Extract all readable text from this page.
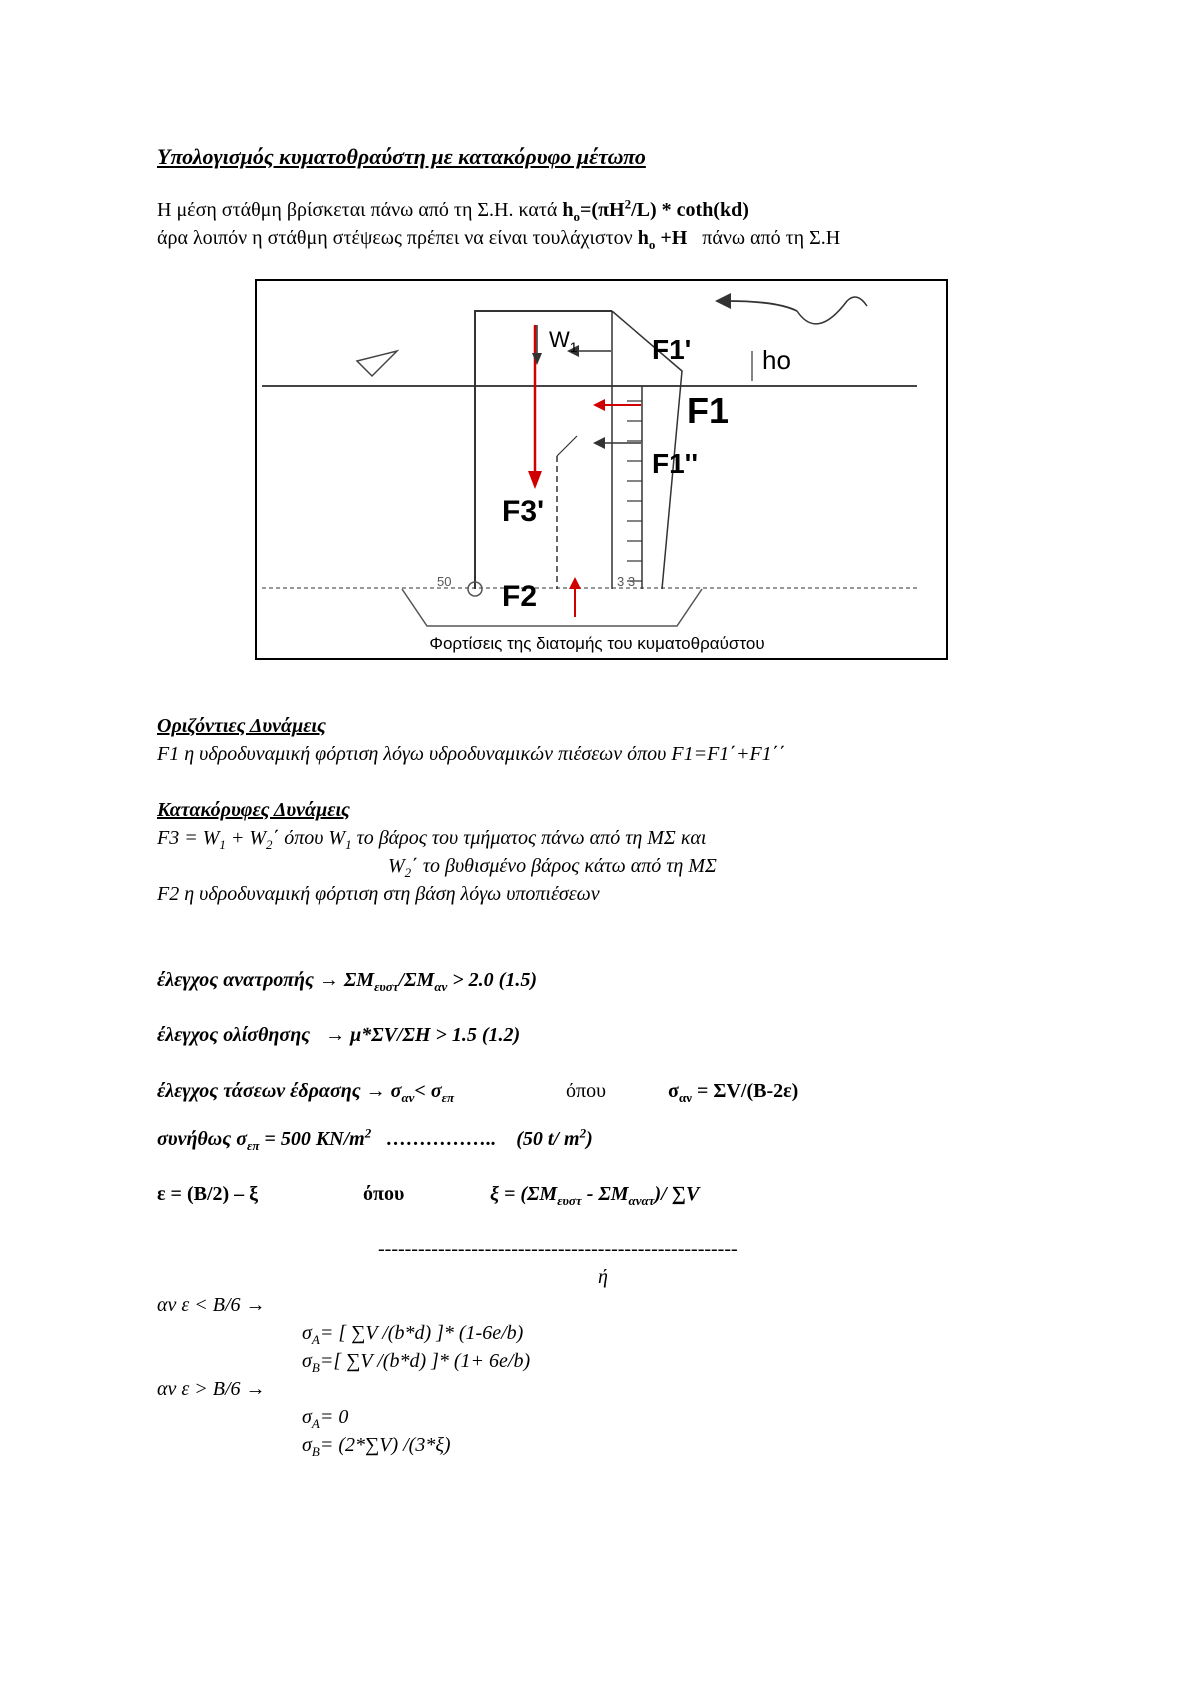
Υπολογισμός κυματοθραύστη με κατακόρυφο μέτωπο
Η μέση στάθμη βρίσκεται πάνω από τη Σ.Η. κατά $h_o=(\pi H^2/L) * \cot h(kd)$
άρα λοιπόν η στάθμη στέψεως πρέπει να είναι τουλάχιστον $h_o +H$ πάνω από τη Σ.Η
$W_1$	F1'	ho
F1
F1''
F3'
F2
50	3 3
Φορτίσεις της διατομής του κυματοθραύστου
Οριζόντιες Δυνάμεις
F1 η υδροδυναμική φόρτιση λόγω υδροδυναμικών πιέσεων όπου F1=F1΄+F1΄΄
Κατακόρυφες Δυνάμεις
$F3 = W_1 + W_2΄$ όπου $W_1$ το βάρος του τμήματος πάνω από τη ΜΣ και
$W_2΄$ το βυθισμένο βάρος κάτω από τη ΜΣ
F2 η υδροδυναμική φόρτιση στη βάση λόγω υποπιέσεων
έλεγχος $\alpha\nu\alpha\tau\rho o\pi ή\varsigma \to \Sigma M_{\varepsilon\upsilon\sigma\tau}/\Sigma M_{\alpha\nu} > 2.0$ (1.5)
έλεγχος ολίσθησης → μ*ΣV/ΣH > 1.5 (1.2)
έλεγχος τάσεων $έ\delta\rho\alpha\sigma\eta\varsigma \to \sigma_{\alpha\nu}< \sigma_{\varepsilon\pi}$	όπου	$\sigma_{\alpha\nu} = \Sigma V/(B-2\varepsilon)$
συνήθως $\sigma_{\varepsilon\pi} = 500$ $KN/m^2$ …………….. (50 t/ $m^2$)
ε = (B/2) – ξ	όπου	$\xi = (\Sigma M_{\varepsilon\upsilon\sigma\tau} - \Sigma M_{\alpha\nu\alpha\tau})/$ ∑V
------------------------------------------------------
ή
αν ε < B/6 →
$\sigma_A=$ [ ∑V /(b*d) ]* (1-6e/b)
$\sigma_B=$[ ∑V /(b*d) ]* (1+ 6e/b)
αν ε > B/6 →
$\sigma_A= 0$
$\sigma_B= (2*\sum V)$ /(3*ξ)
